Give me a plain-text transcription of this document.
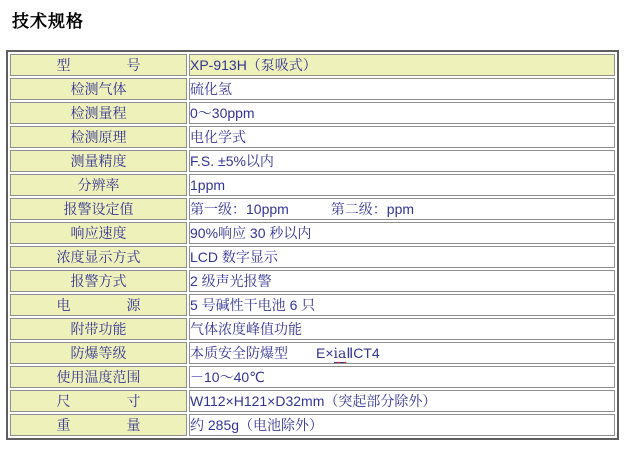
技术规格
型　　　　号	XP-913H（泵吸式）
检测气体	硫化氢
检测量程	0～30ppm
检测原理	电化学式
测量精度	F.S. ±5%以内
分辨率	1ppm
报警设定值	第一级：10ppm　　　第二级：ppm
响应速度	90%响应 30 秒以内
浓度显示方式	LCD 数字显示
报警方式	2 级声光报警
电　　　　源	5 号碱性干电池 6 只
附带功能	气体浓度峰值功能
防爆等级	本质安全防爆型　　E×iaⅡCT4
使用温度范围	－10～40℃
尺　　　　寸	W112×H121×D32mm（突起部分除外）
重　　　　量	约 285g（电池除外）
